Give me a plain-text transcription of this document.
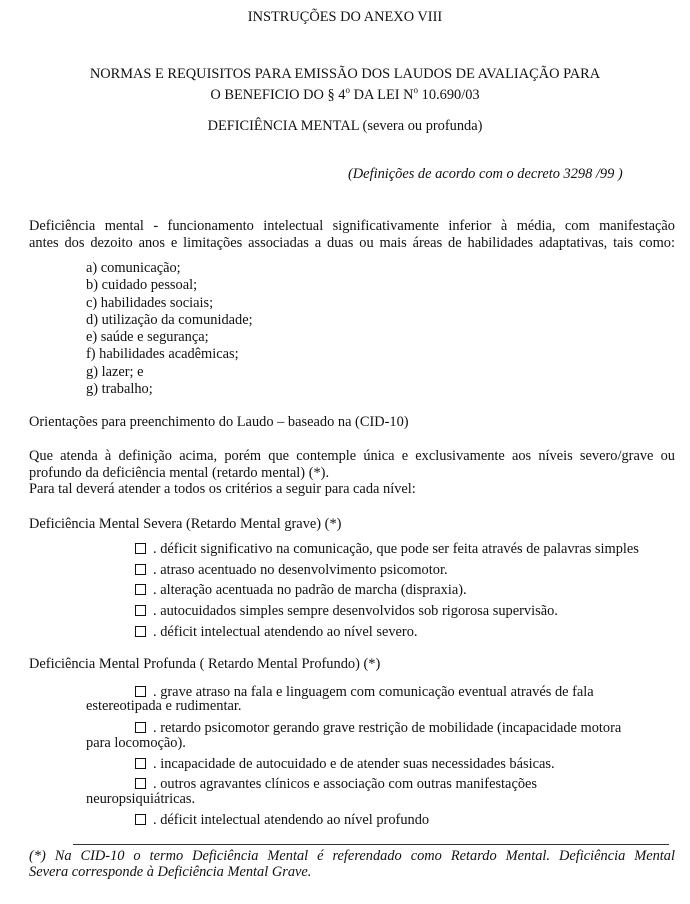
INSTRUÇÕES DO ANEXO VIII
NORMAS E REQUISITOS PARA EMISSÃO DOS LAUDOS DE AVALIAÇÃO PARA
O BENEFICIO DO § 4$^o$ DA LEI $N^o$ 10.690/03
DEFICIÊNCIA MENTAL (severa ou profunda)
(Definições de acordo com o decreto 3298 /99 )
Deficiência mental - funcionamento intelectual significativamente inferior à média, com manifestação
antes dos dezoito anos e limitações associadas a duas ou mais áreas de habilidades adaptativas, tais como:
a) comunicação;
b) cuidado pessoal;
c) habilidades sociais;
d) utilização da comunidade;
e) saúde e segurança;
f) habilidades acadêmicas;
g) lazer; e
g) trabalho;
Orientações para preenchimento do Laudo – baseado na (CID-10)
Que atenda à definição acima, porém que contemple única e exclusivamente aos níveis severo/grave ou
profundo da deficiência mental (retardo mental) (*).
Para tal deverá atender a todos os critérios a seguir para cada nível:
Deficiência Mental Severa (Retardo Mental grave) (*)
. déficit significativo na comunicação, que pode ser feita através de palavras simples
. atraso acentuado no desenvolvimento psicomotor.
. alteração acentuada no padrão de marcha (dispraxia).
. autocuidados simples sempre desenvolvidos sob rigorosa supervisão.
. déficit intelectual atendendo ao nível severo.
Deficiência Mental Profunda ( Retardo Mental Profundo) (*)
. grave atraso na fala e linguagem com comunicação eventual através de fala
estereotipada e rudimentar.
. retardo psicomotor gerando grave restrição de mobilidade (incapacidade motora
para locomoção).
. incapacidade de autocuidado e de atender suas necessidades básicas.
. outros agravantes clínicos e associação com outras manifestações
neuropsiquiátricas.
. déficit intelectual atendendo ao nível profundo
(*) Na CID-10 o termo Deficiência Mental é referendado como Retardo Mental. Deficiência Mental
Severa corresponde à Deficiência Mental Grave.
